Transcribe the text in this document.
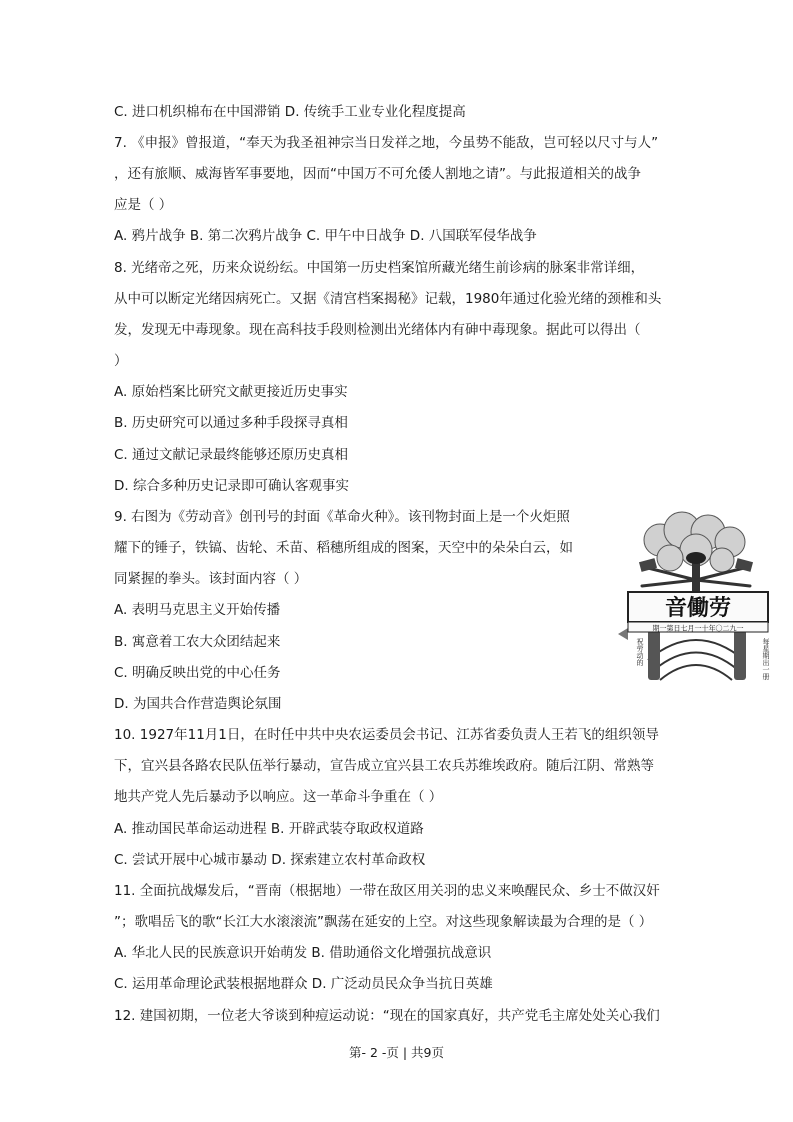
C. 进口机织棉布在中国滞销 D. 传统手工业专业化程度提高
7. 《申报》曾报道，“奉天为我圣祖神宗当日发祥之地，今虽势不能敌，岂可轻以尺寸与人”
，还有旅顺、威海皆军事要地，因而“中国万不可允倭人割地之请”。与此报道相关的战争
应是（ ）
A. 鸦片战争 B. 第二次鸦片战争 C. 甲午中日战争 D. 八国联军侵华战争
8. 光绪帝之死，历来众说纷纭。中国第一历史档案馆所藏光绪生前诊病的脉案非常详细，
从中可以断定光绪因病死亡。又据《清宫档案揭秘》记载，1980年通过化验光绪的颈椎和头
发，发现无中毒现象。现在高科技手段则检测出光绪体内有砷中毒现象。据此可以得出（
）
A. 原始档案比研究文献更接近历史事实
B. 历史研究可以通过多种手段探寻真相
C. 通过文献记录最终能够还原历史真相
D. 综合多种历史记录即可确认客观事实
9. 右图为《劳动音》创刊号的封面《革命火种》。该刊物封面上是一个火炬照
耀下的锤子，铁镐、齿轮、禾苗、稻穗所组成的图案，天空中的朵朵白云，如
同紧握的拳头。该封面内容（ ）
A. 表明马克思主义开始传播
B. 寓意着工农大众团结起来
C. 明确反映出党的中心任务
D. 为国共合作营造舆论氛围
10. 1927年11月1日，在时任中共中央农运委员会书记、江苏省委负责人王若飞的组织领导
下，宜兴县各路农民队伍举行暴动，宣告成立宜兴县工农兵苏维埃政府。随后江阴、常熟等
地共产党人先后暴动予以响应。这一革命斗争重在（ ）
A. 推动国民革命运动进程 B. 开辟武装夺取政权道路
C. 尝试开展中心城市暴动 D. 探索建立农村革命政权
11. 全面抗战爆发后，“晋南（根据地）一带在敌区用关羽的忠义来唤醒民众、乡士不做汉奸
”；歌唱岳飞的歌“长江大水滚滚流”飘荡在延安的上空。对这些现象解读最为合理的是（ ）
A. 华北人民的民族意识开始萌发 B. 借助通俗文化增强抗战意识
C. 运用革命理论武装根据地群众 D. 广泛动员民众争当抗日英雄
12. 建国初期，一位老大爷谈到种痘运动说：“现在的国家真好，共产党毛主席处处关心我们
音働劳
期一第日七月一十年〇二九一
每星期出一册
祝劳动的
第- 2 -页 | 共9页
